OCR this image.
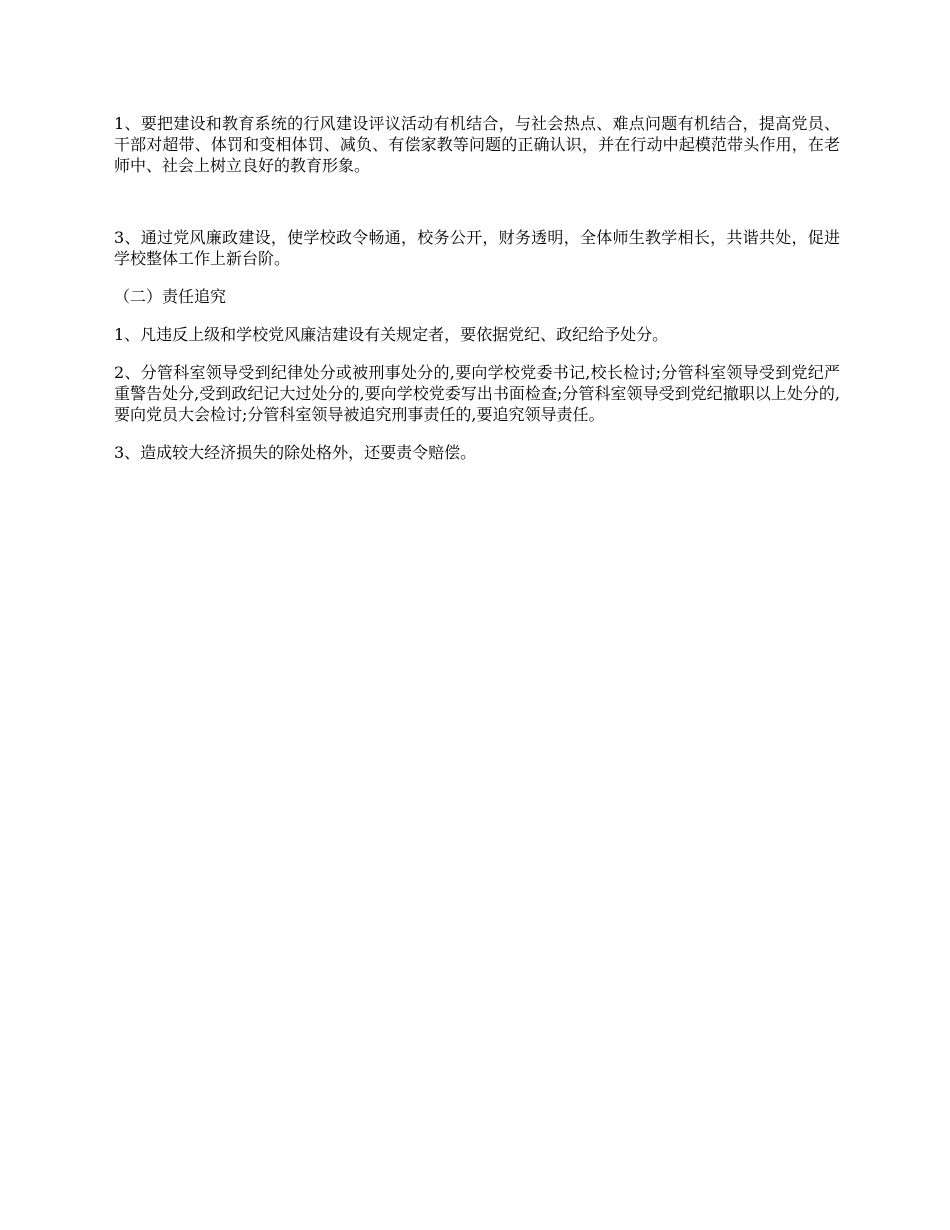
1、要把建设和教育系统的行风建设评议活动有机结合，与社会热点、难点问题有机结合，提高党员、干部对超带、体罚和变相体罚、减负、有偿家教等问题的正确认识，并在行动中起模范带头作用，在老师中、社会上树立良好的教育形象。

3、通过党风廉政建设，使学校政令畅通，校务公开，财务透明，全体师生教学相长，共谐共处，促进学校整体工作上新台阶。

（二）责任追究

1、凡违反上级和学校党风廉洁建设有关规定者，要依据党纪、政纪给予处分。

2、分管科室领导受到纪律处分或被刑事处分的,要向学校党委书记,校长检讨;分管科室领导受到党纪严重警告处分,受到政纪记大过处分的,要向学校党委写出书面检查;分管科室领导受到党纪撤职以上处分的,要向党员大会检讨;分管科室领导被追究刑事责任的,要追究领导责任。

3、造成较大经济损失的除处格外，还要责令赔偿。
